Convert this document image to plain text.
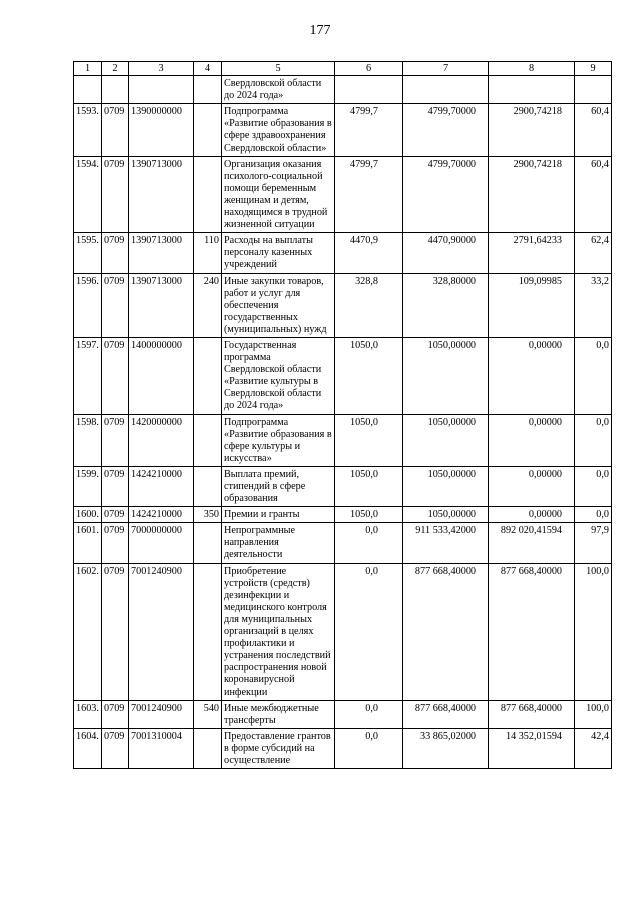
177
1	2	3	4	5	6	7	8	9
				Свердловской области до 2024 года»				
1593.	0709	1390000000		Подпрограмма «Развитие образования в сфере здравоохранения Свердловской области»	4799,7	4799,70000	2900,74218	60,4
1594.	0709	1390713000		Организация оказания психолого-социальной помощи беременным женщинам и детям, находящимся в трудной жизненной ситуации	4799,7	4799,70000	2900,74218	60,4
1595.	0709	1390713000	110	Расходы на выплаты персоналу казенных учреждений	4470,9	4470,90000	2791,64233	62,4
1596.	0709	1390713000	240	Иные закупки товаров, работ и услуг для обеспечения государственных (муниципальных) нужд	328,8	328,80000	109,09985	33,2
1597.	0709	1400000000		Государственная программа Свердловской области «Развитие культуры в Свердловской области до 2024 года»	1050,0	1050,00000	0,00000	0,0
1598.	0709	1420000000		Подпрограмма «Развитие образования в сфере культуры и искусства»	1050,0	1050,00000	0,00000	0,0
1599.	0709	1424210000		Выплата премий, стипендий в сфере образования	1050,0	1050,00000	0,00000	0,0
1600.	0709	1424210000	350	Премии и гранты	1050,0	1050,00000	0,00000	0,0
1601.	0709	7000000000		Непрограммные направления деятельности	0,0	911 533,42000	892 020,41594	97,9
1602.	0709	7001240900		Приобретение устройств (средств) дезинфекции и медицинского контроля для муниципальных организаций в целях профилактики и устранения последствий распространения новой коронавирусной инфекции	0,0	877 668,40000	877 668,40000	100,0
1603.	0709	7001240900	540	Иные межбюджетные трансферты	0,0	877 668,40000	877 668,40000	100,0
1604.	0709	7001310004		Предоставление грантов в форме субсидий на осуществление	0,0	33 865,02000	14 352,01594	42,4
